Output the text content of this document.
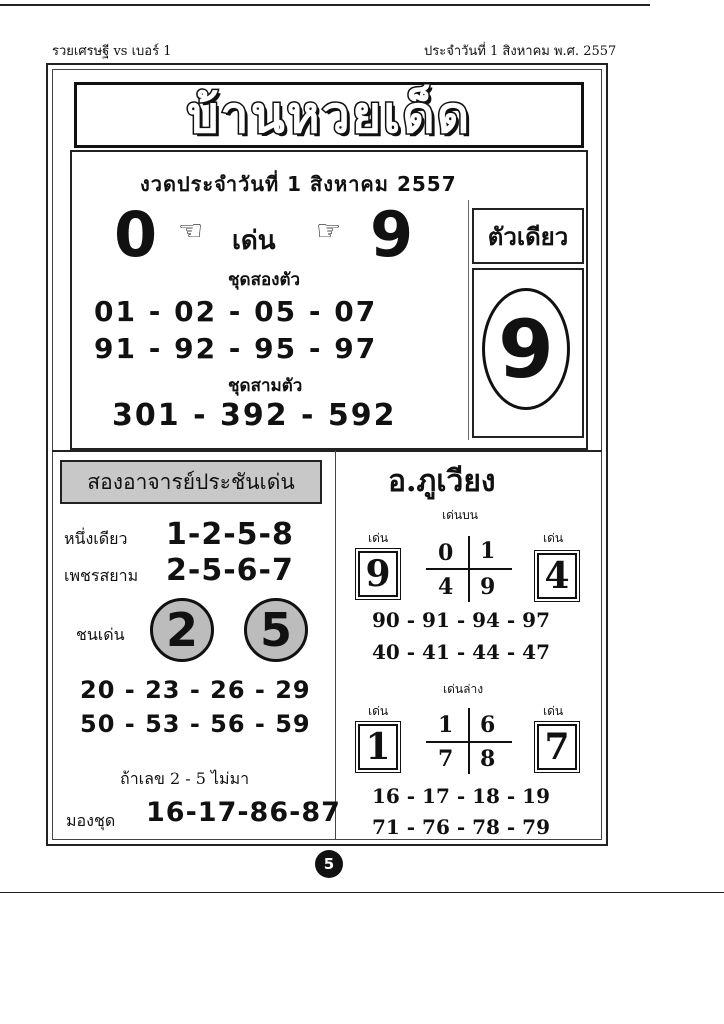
รวยเศรษฐี vs เบอร์ 1	ประจำวันที่ 1 สิงหาคม พ.ศ. 2557
บ้านหวยเด็ด
งวดประจำวันที่ 1 สิงหาคม 2557
0 ☜ เด่น ☞ 9
ชุดสองตัว
01 - 02 - 05 - 07
91 - 92 - 95 - 97
ชุดสามตัว
301 - 392 - 592
ตัวเดียว
9
สองอาจารย์ประชันเด่น
หนึ่งเดียว 1-2-5-8
เพชรสยาม 2-5-6-7
ชนเด่น 2	5
20 - 23 - 26 - 29
50 - 53 - 56 - 59
ถ้าเลข 2 - 5 ไม่มา
มองชุด 16-17-86-87
อ.ภูเวียง
เด่นบน
เด่น	เด่น
9	4
0 1
4 9
90 - 91 - 94 - 97
40 - 41 - 44 - 47
เด่นล่าง
เด่น	เด่น
1	7
1 6
7 8
16 - 17 - 18 - 19
71 - 76 - 78 - 79
5
